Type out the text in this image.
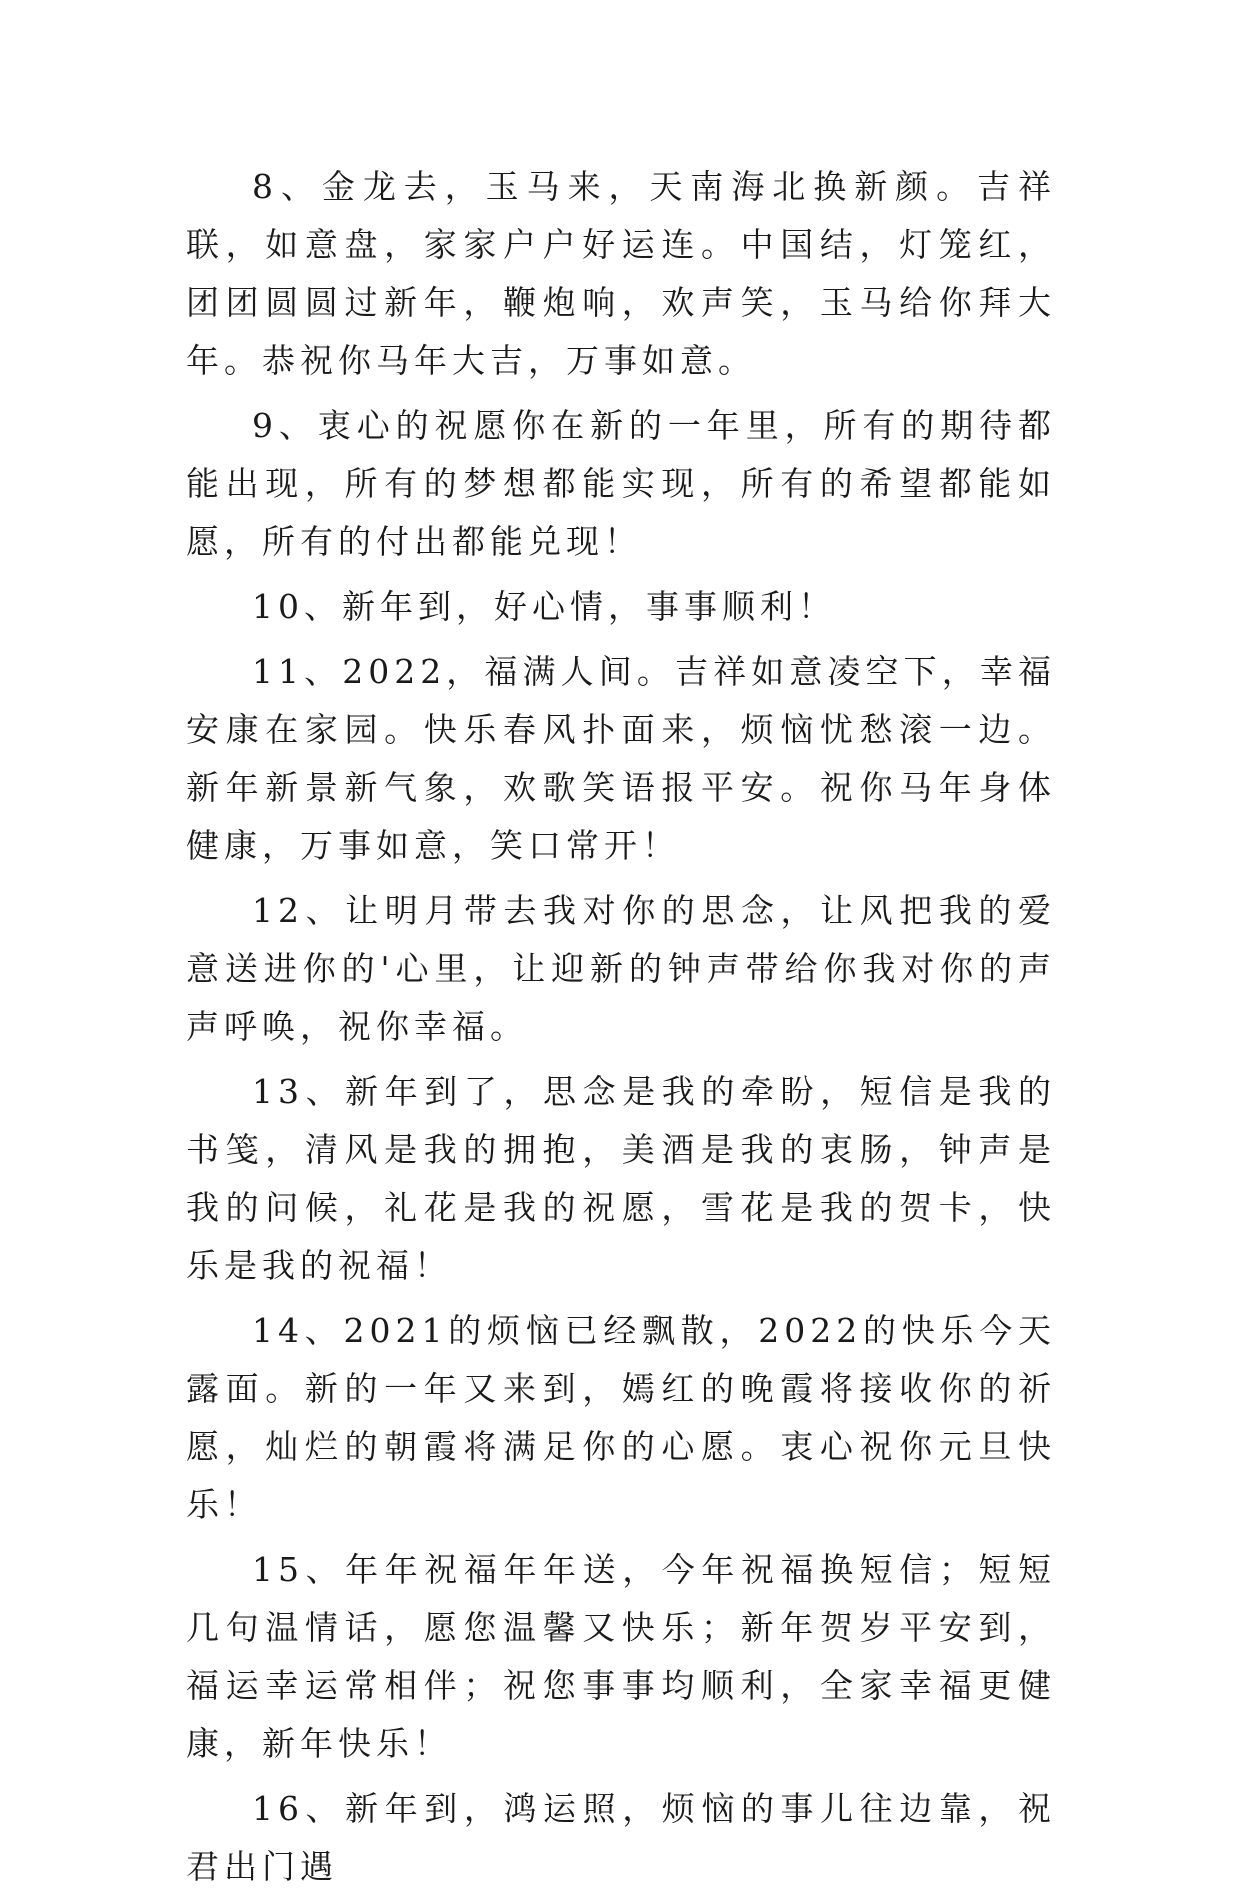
8、金龙去，玉马来，天南海北换新颜。吉祥联，如意盘，家家户户好运连。中国结，灯笼红，团团圆圆过新年，鞭炮响，欢声笑，玉马给你拜大年。恭祝你马年大吉，万事如意。

9、衷心的祝愿你在新的一年里，所有的期待都能出现，所有的梦想都能实现，所有的希望都能如愿，所有的付出都能兑现！

10、新年到，好心情，事事顺利！

11、2022，福满人间。吉祥如意凌空下，幸福安康在家园。快乐春风扑面来，烦恼忧愁滚一边。新年新景新气象，欢歌笑语报平安。祝你马年身体健康，万事如意，笑口常开！

12、让明月带去我对你的思念，让风把我的爱意送进你的'心里，让迎新的钟声带给你我对你的声声呼唤，祝你幸福。

13、新年到了，思念是我的牵盼，短信是我的书笺，清风是我的拥抱，美酒是我的衷肠，钟声是我的问候，礼花是我的祝愿，雪花是我的贺卡，快乐是我的祝福！

14、2021的烦恼已经飘散，2022的快乐今天露面。新的一年又来到，嫣红的晚霞将接收你的祈愿，灿烂的朝霞将满足你的心愿。衷心祝你元旦快乐！

15、年年祝福年年送，今年祝福换短信；短短几句温情话，愿您温馨又快乐；新年贺岁平安到，福运幸运常相伴；祝您事事均顺利，全家幸福更健康，新年快乐！

16、新年到，鸿运照，烦恼的事儿往边靠，祝君出门遇
